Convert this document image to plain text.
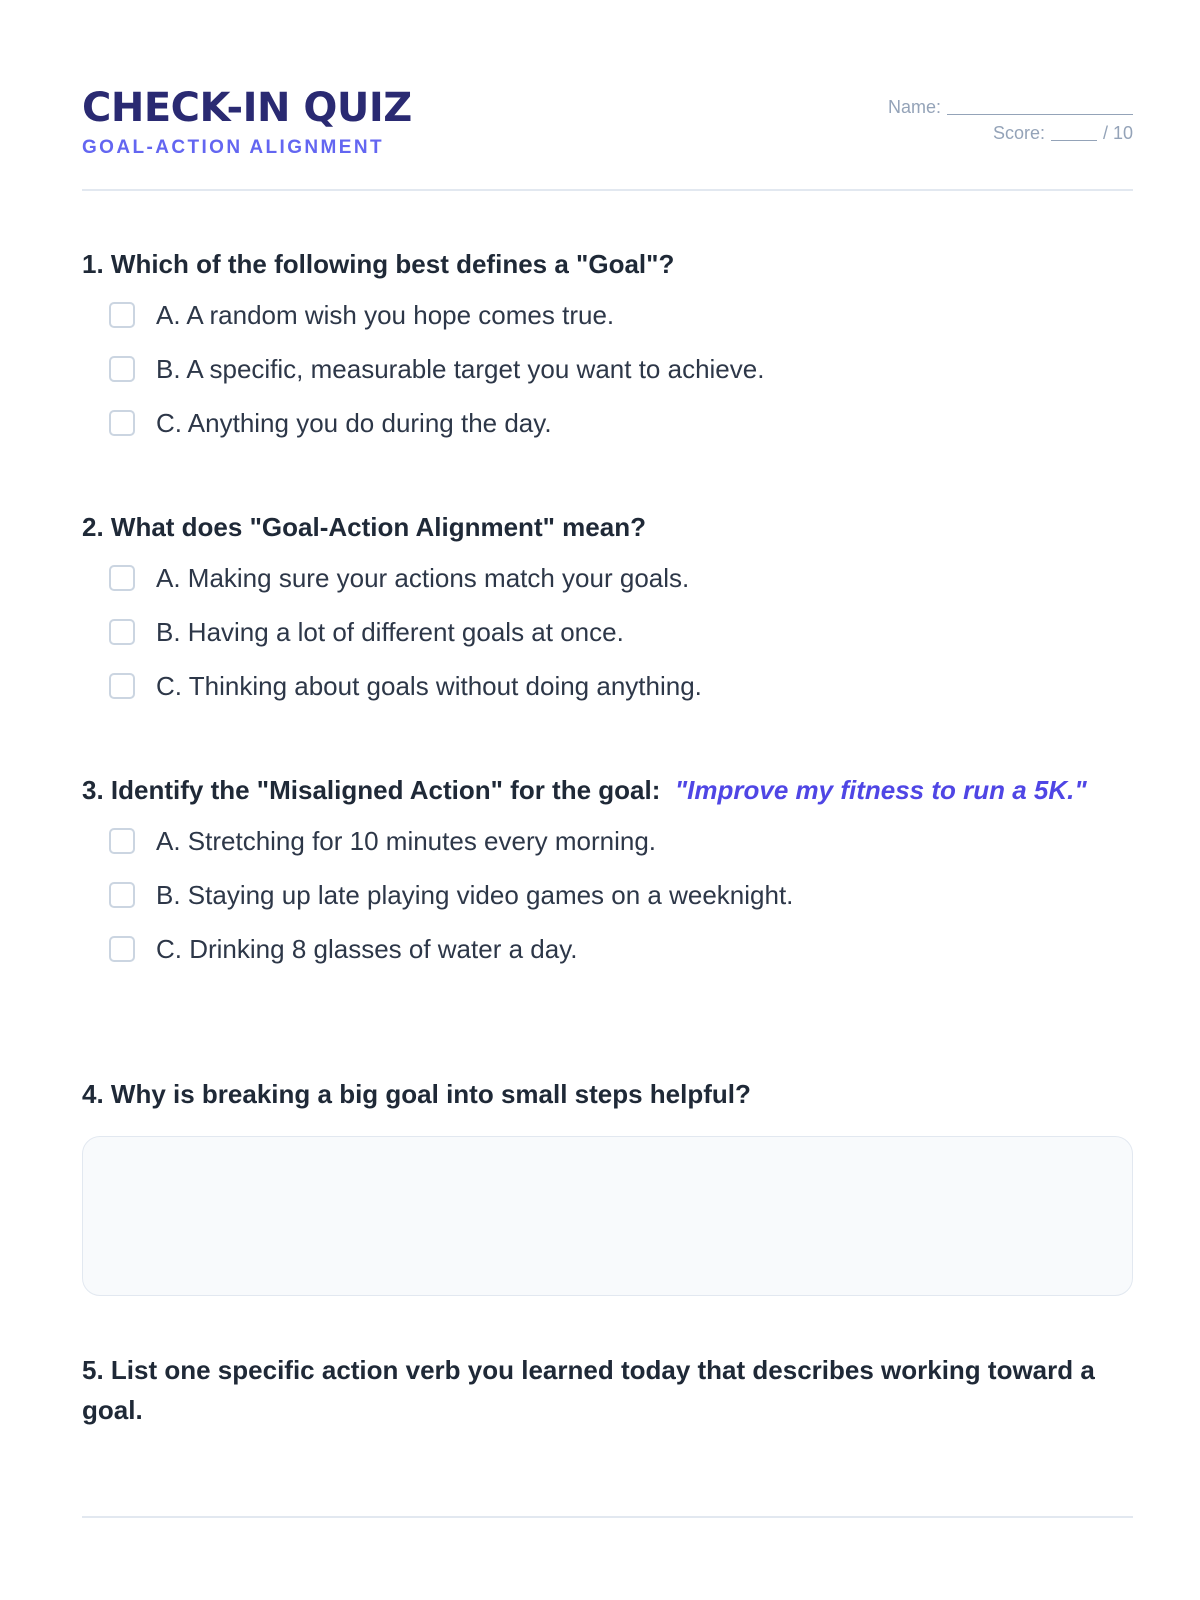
CHECK-IN QUIZ
GOAL-ACTION ALIGNMENT
Name:
Score:	/ 10

1. Which of the following best defines a "Goal"?

A. A random wish you hope comes true.
B. A specific, measurable target you want to achieve.
C. Anything you do during the day.

2. What does "Goal-Action Alignment" mean?

A. Making sure your actions match your goals.
B. Having a lot of different goals at once.
C. Thinking about goals without doing anything.

3. Identify the "Misaligned Action" for the goal: "Improve my fitness to run a 5K."

A. Stretching for 10 minutes every morning.
B. Staying up late playing video games on a weeknight.
C. Drinking 8 glasses of water a day.

4. Why is breaking a big goal into small steps helpful?

5. List one specific action verb you learned today that describes working toward a goal.
